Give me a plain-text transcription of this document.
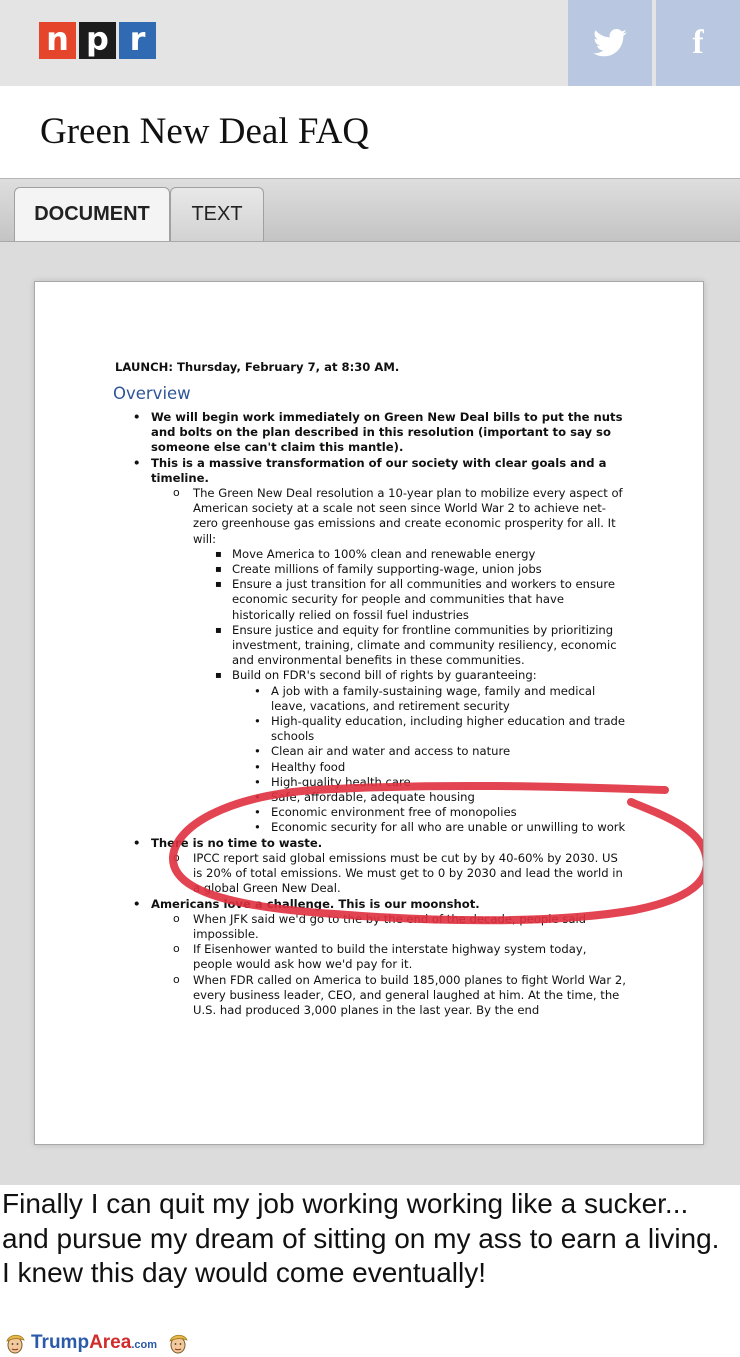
n p r	f
Green New Deal FAQ
DOCUMENT	TEXT
LAUNCH: Thursday, February 7, at 8:30 AM.
Overview
• We will begin work immediately on Green New Deal bills to put the nuts and bolts on the plan described in this resolution (important to say so someone else can't claim this mantle).
• This is a massive transformation of our society with clear goals and a timeline.
o The Green New Deal resolution a 10-year plan to mobilize every aspect of American society at a scale not seen since World War 2 to achieve net-zero greenhouse gas emissions and create economic prosperity for all. It will:
▪ Move America to 100% clean and renewable energy
▪ Create millions of family supporting-wage, union jobs
▪ Ensure a just transition for all communities and workers to ensure economic security for people and communities that have historically relied on fossil fuel industries
▪ Ensure justice and equity for frontline communities by prioritizing investment, training, climate and community resiliency, economic and environmental benefits in these communities.
▪ Build on FDR's second bill of rights by guaranteeing:
• A job with a family-sustaining wage, family and medical leave, vacations, and retirement security
• High-quality education, including higher education and trade schools
• Clean air and water and access to nature
• Healthy food
• High-quality health care
• Safe, affordable, adequate housing
• Economic environment free of monopolies
• Economic security for all who are unable or unwilling to work
• There is no time to waste.
o IPCC report said global emissions must be cut by by 40-60% by 2030. US is 20% of total emissions. We must get to 0 by 2030 and lead the world in a global Green New Deal.
• Americans love a challenge. This is our moonshot.
o When JFK said we'd go to the by the end of the decade, people said impossible.
o If Eisenhower wanted to build the interstate highway system today, people would ask how we'd pay for it.
o When FDR called on America to build 185,000 planes to fight World War 2, every business leader, CEO, and general laughed at him. At the time, the U.S. had produced 3,000 planes in the last year. By the end

Finally I can quit my job working working like a sucker... and pursue my dream of sitting on my ass to earn a living. I knew this day would come eventually!

TrumpArea.com
